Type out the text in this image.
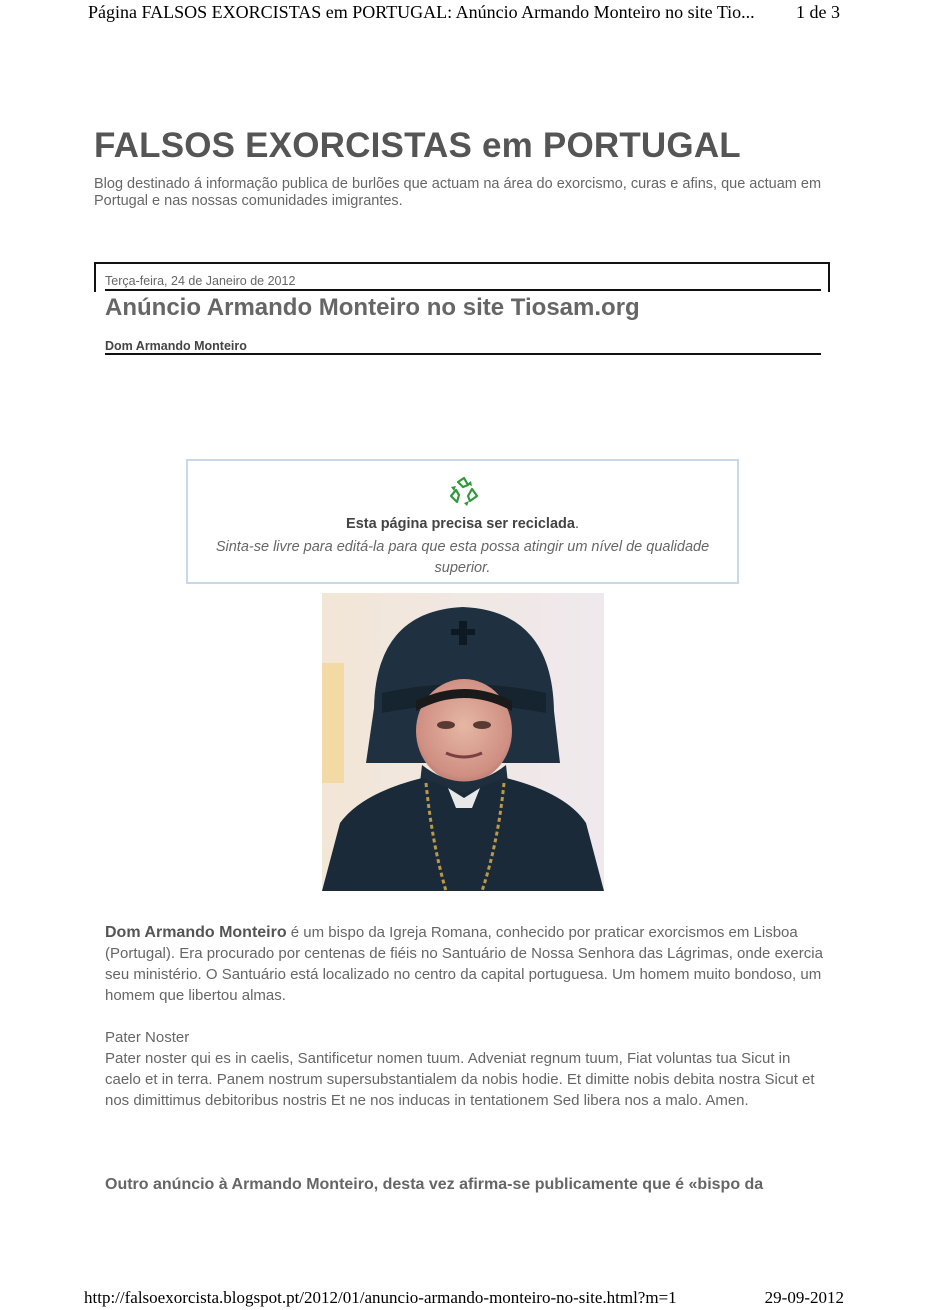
Página FALSOS EXORCISTAS em PORTUGAL: Anúncio Armando Monteiro no site Tio... 1 de 3
FALSOS EXORCISTAS em PORTUGAL
Blog destinado á informação publica de burlões que actuam na área do exorcismo, curas e afins, que actuam em Portugal e nas nossas comunidades imigrantes.
Terça-feira, 24 de Janeiro de 2012
Anúncio Armando Monteiro no site Tiosam.org
Dom Armando Monteiro
Esta página precisa ser reciclada.
Sinta-se livre para editá-la para que esta possa atingir um nível de qualidade superior.
Dom Armando Monteiro é um bispo da Igreja Romana, conhecido por praticar exorcismos em Lisboa (Portugal). Era procurado por centenas de fiéis no Santuário de Nossa Senhora das Lágrimas, onde exercia seu ministério. O Santuário está localizado no centro da capital portuguesa. Um homem muito bondoso, um homem que libertou almas.
Pater Noster
Pater noster qui es in caelis, Santificetur nomen tuum. Adveniat regnum tuum, Fiat voluntas tua Sicut in caelo et in terra. Panem nostrum supersubstantialem da nobis hodie. Et dimitte nobis debita nostra Sicut et nos dimittimus debitoribus nostris Et ne nos inducas in tentationem Sed libera nos a malo. Amen.
Outro anúncio à Armando Monteiro, desta vez afirma-se publicamente que é «bispo da
http://falsoexorcista.blogspot.pt/2012/01/anuncio-armando-monteiro-no-site.html?m=1	29-09-2012
